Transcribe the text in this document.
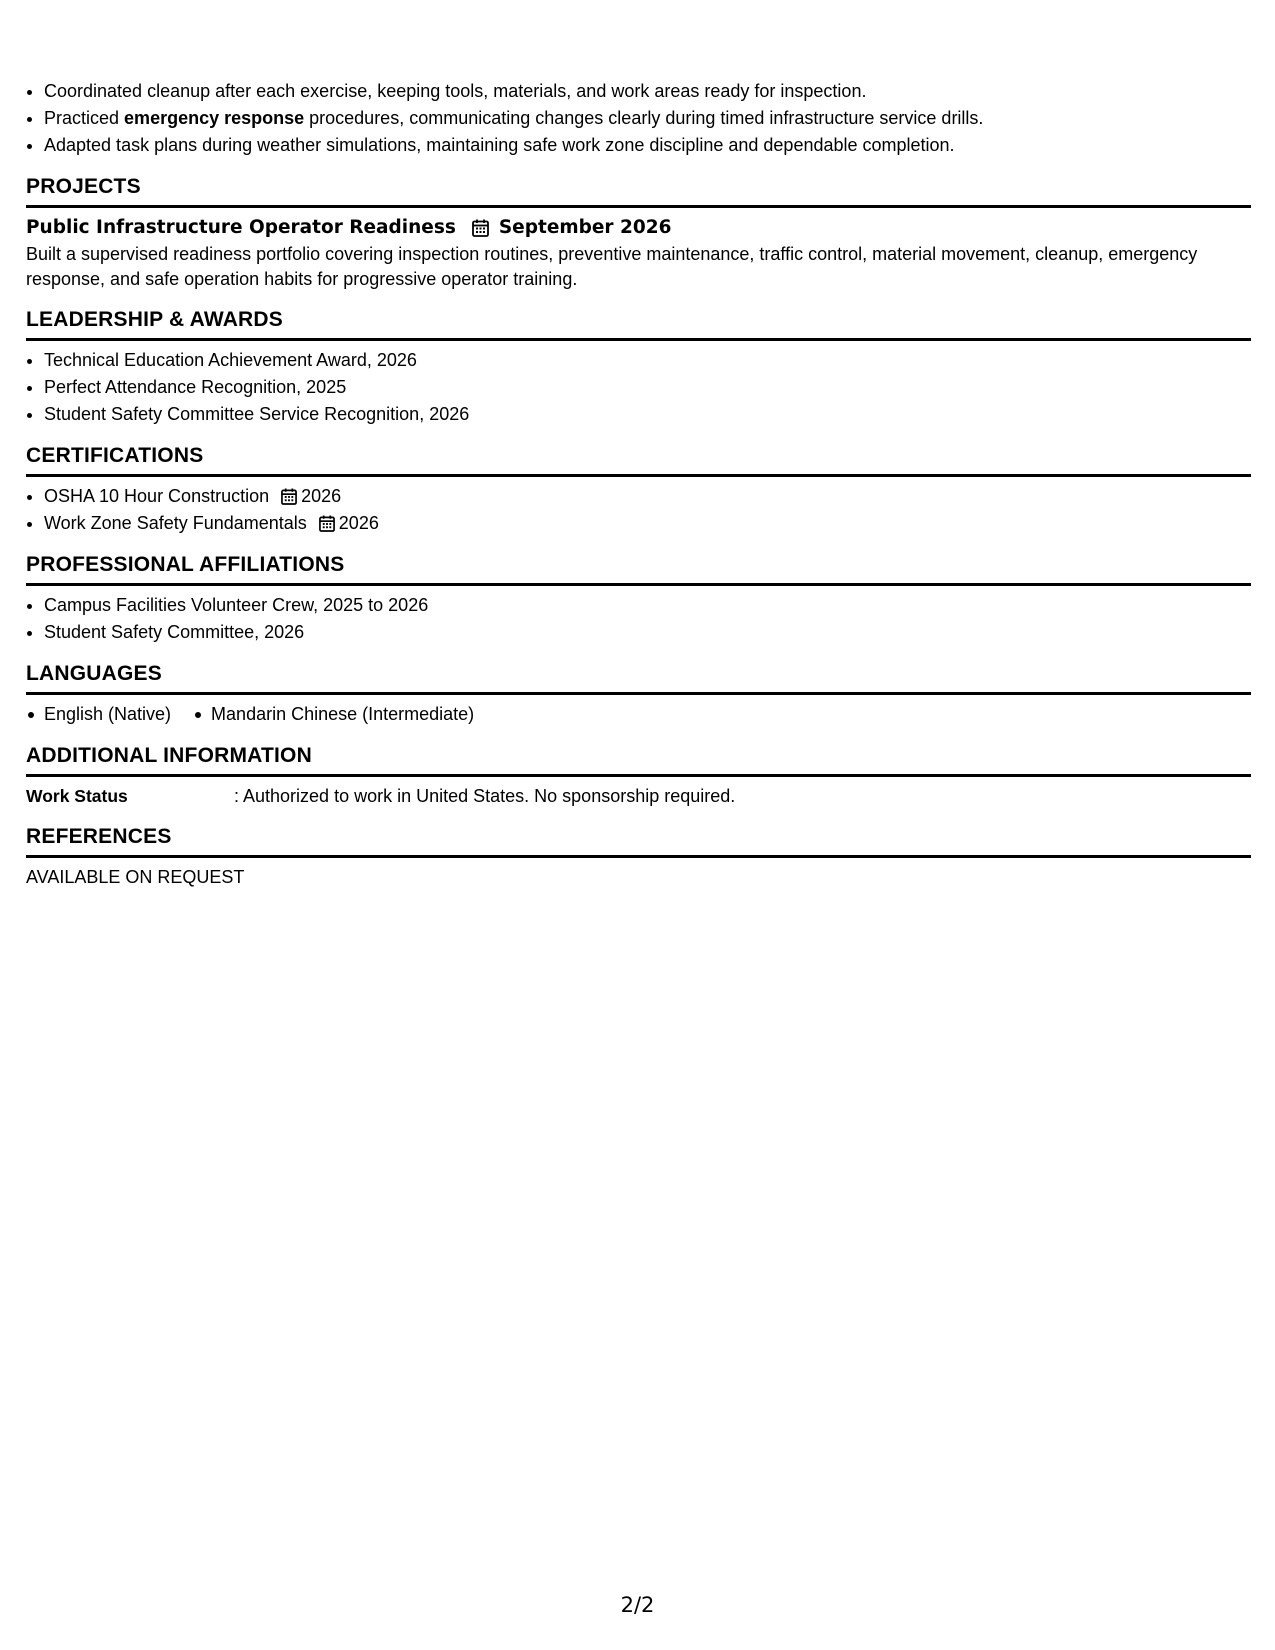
• Coordinated cleanup after each exercise, keeping tools, materials, and work areas ready for inspection.
• Practiced emergency response procedures, communicating changes clearly during timed infrastructure service drills.
• Adapted task plans during weather simulations, maintaining safe work zone discipline and dependable completion.
PROJECTS
Public Infrastructure Operator Readiness September 2026
Built a supervised readiness portfolio covering inspection routines, preventive maintenance, traffic control, material movement, cleanup, emergency response, and safe operation habits for progressive operator training.
LEADERSHIP & AWARDS
• Technical Education Achievement Award, 2026
• Perfect Attendance Recognition, 2025
• Student Safety Committee Service Recognition, 2026
CERTIFICATIONS
• OSHA 10 Hour Construction 2026
• Work Zone Safety Fundamentals 2026
PROFESSIONAL AFFILIATIONS
• Campus Facilities Volunteer Crew, 2025 to 2026
• Student Safety Committee, 2026
LANGUAGES
English (Native)	Mandarin Chinese (Intermediate)
ADDITIONAL INFORMATION
Work Status	: Authorized to work in United States. No sponsorship required.
REFERENCES
AVAILABLE ON REQUEST
2/2
